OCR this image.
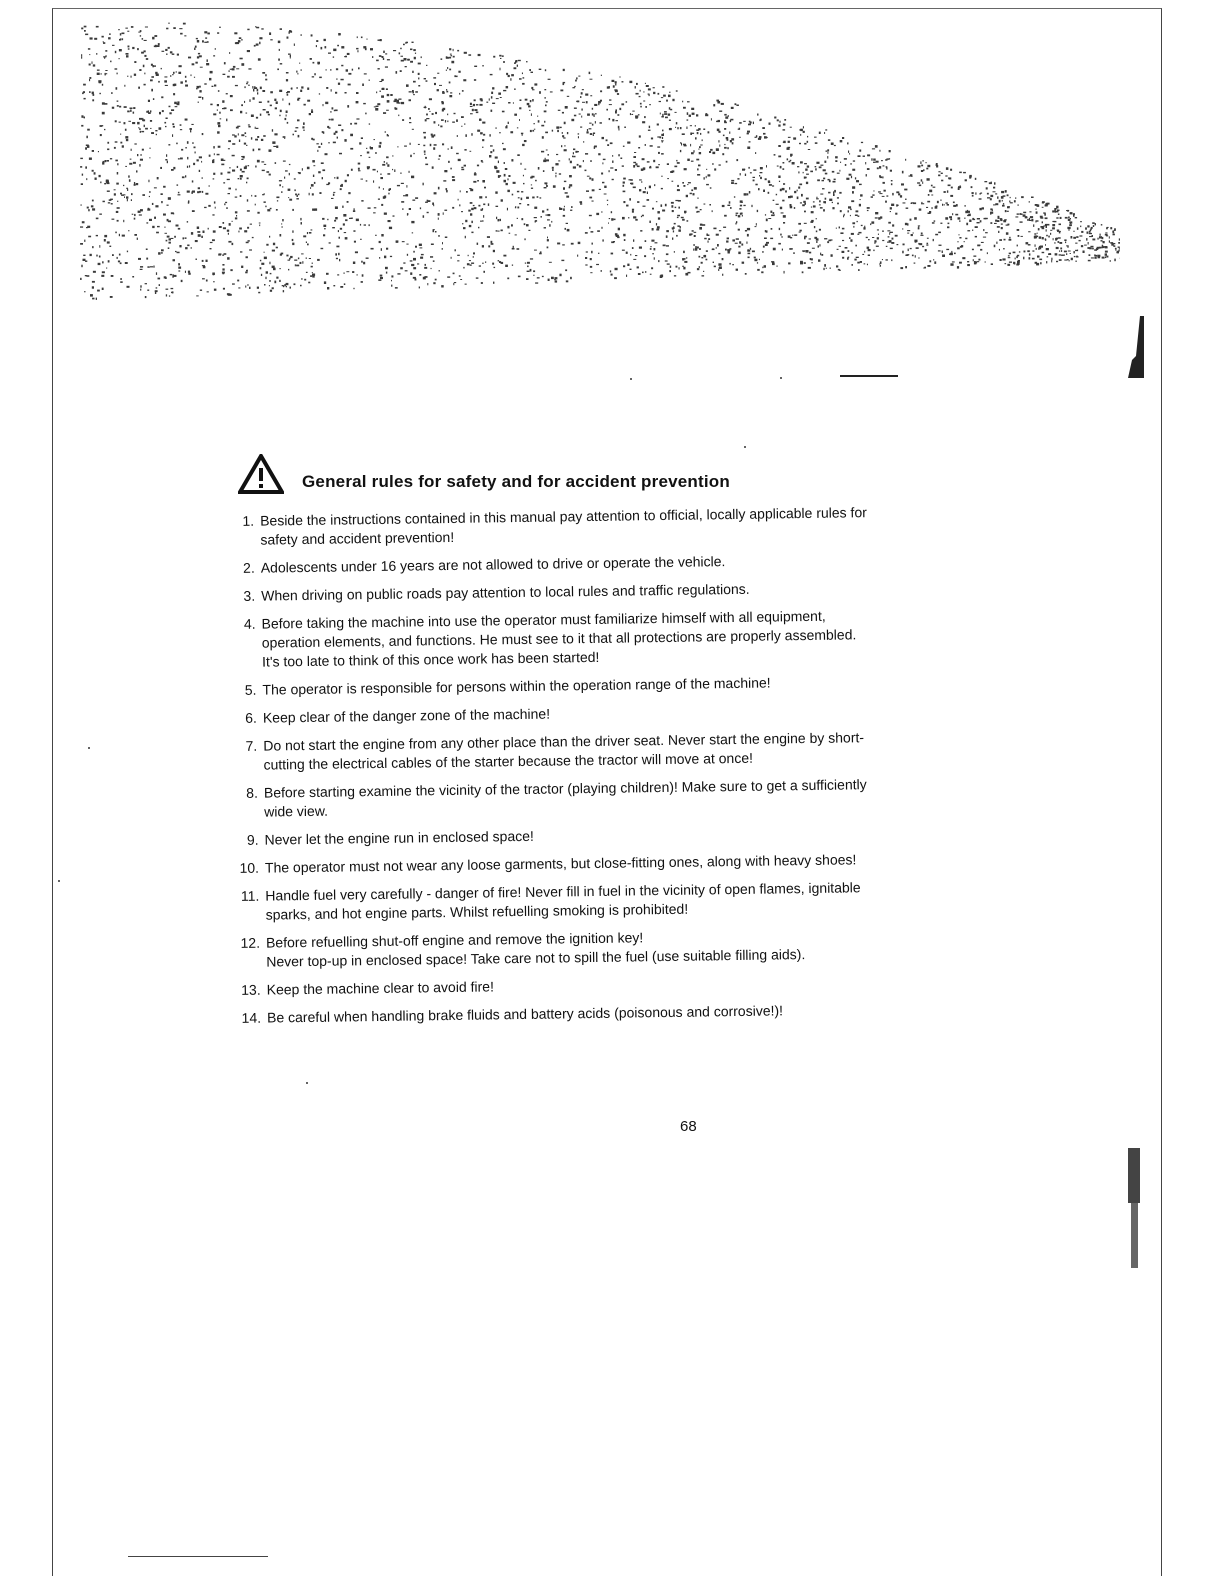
General rules for safety and for accident prevention
1. Beside the instructions contained in this manual pay attention to official, locally applicable rules for
safety and accident prevention!
2. Adolescents under 16 years are not allowed to drive or operate the vehicle.
3. When driving on public roads pay attention to local rules and traffic regulations.
4. Before taking the machine into use the operator must familiarize himself with all equipment,
operation elements, and functions. He must see to it that all protections are properly assembled.
It's too late to think of this once work has been started!
5. The operator is responsible for persons within the operation range of the machine!
6. Keep clear of the danger zone of the machine!
7. Do not start the engine from any other place than the driver seat. Never start the engine by short-
cutting the electrical cables of the starter because the tractor will move at once!
8. Before starting examine the vicinity of the tractor (playing children)! Make sure to get a sufficiently
wide view.
9. Never let the engine run in enclosed space!
10. The operator must not wear any loose garments, but close-fitting ones, along with heavy shoes!
11. Handle fuel very carefully - danger of fire! Never fill in fuel in the vicinity of open flames, ignitable
sparks, and hot engine parts. Whilst refuelling smoking is prohibited!
12. Before refuelling shut-off engine and remove the ignition key!
Never top-up in enclosed space! Take care not to spill the fuel (use suitable filling aids).
13. Keep the machine clear to avoid fire!
14. Be careful when handling brake fluids and battery acids (poisonous and corrosive!)!
68
